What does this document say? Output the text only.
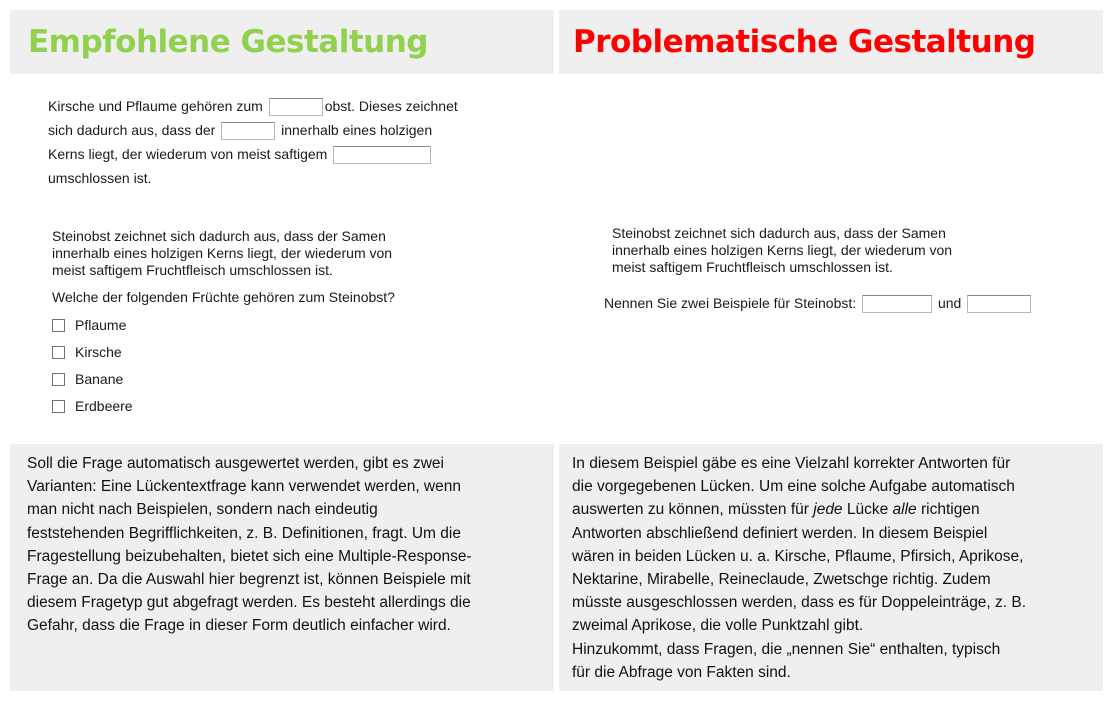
Empfohlene Gestaltung	Problematische Gestaltung
Kirsche und Pflaume gehören zum	obst. Dieses zeichnet
sich dadurch aus, dass der	innerhalb eines holzigen
Kerns liegt, der wiederum von meist saftigem
umschlossen ist.
Steinobst zeichnet sich dadurch aus, dass der Samen
innerhalb eines holzigen Kerns liegt, der wiederum von
meist saftigem Fruchtfleisch umschlossen ist.
Welche der folgenden Früchte gehören zum Steinobst?
Pflaume
Kirsche
Banane
Erdbeere
Steinobst zeichnet sich dadurch aus, dass der Samen
innerhalb eines holzigen Kerns liegt, der wiederum von
meist saftigem Fruchtfleisch umschlossen ist.
Nennen Sie zwei Beispiele für Steinobst:	und
Soll die Frage automatisch ausgewertet werden, gibt es zwei
Varianten: Eine Lückentextfrage kann verwendet werden, wenn
man nicht nach Beispielen, sondern nach eindeutig
feststehenden Begrifflichkeiten, z. B. Definitionen, fragt. Um die
Fragestellung beizubehalten, bietet sich eine Multiple-Response-
Frage an. Da die Auswahl hier begrenzt ist, können Beispiele mit
diesem Fragetyp gut abgefragt werden. Es besteht allerdings die
Gefahr, dass die Frage in dieser Form deutlich einfacher wird.
In diesem Beispiel gäbe es eine Vielzahl korrekter Antworten für
die vorgegebenen Lücken. Um eine solche Aufgabe automatisch
auswerten zu können, müssten für jede Lücke alle richtigen
Antworten abschließend definiert werden. In diesem Beispiel
wären in beiden Lücken u. a. Kirsche, Pflaume, Pfirsich, Aprikose,
Nektarine, Mirabelle, Reineclaude, Zwetschge richtig. Zudem
müsste ausgeschlossen werden, dass es für Doppeleinträge, z. B.
zweimal Aprikose, die volle Punktzahl gibt.
Hinzukommt, dass Fragen, die „nennen Sie“ enthalten, typisch
für die Abfrage von Fakten sind.
